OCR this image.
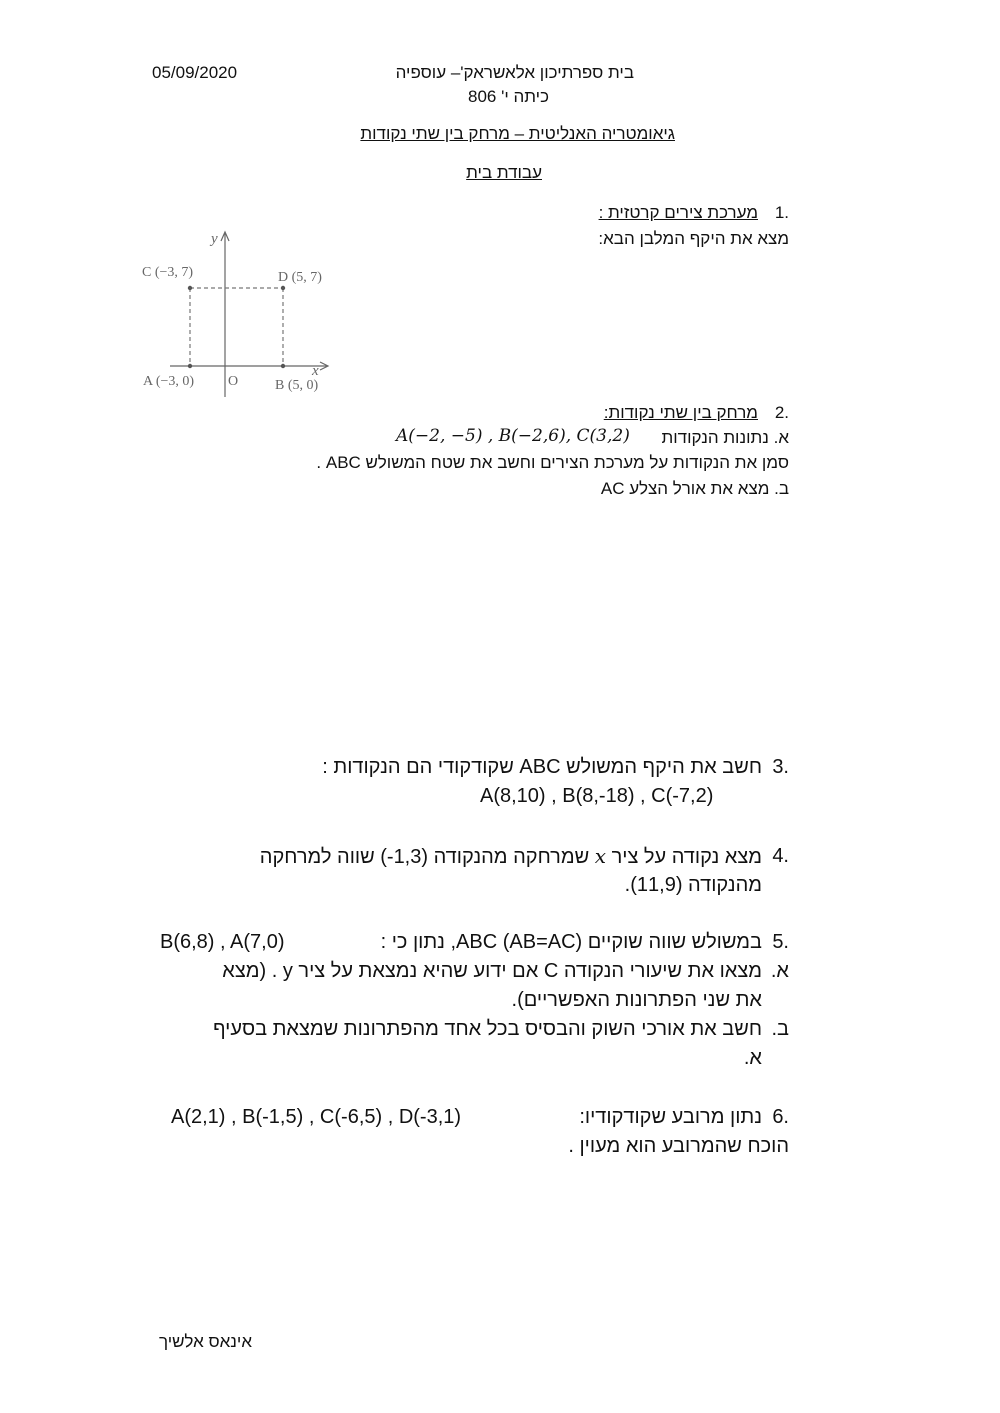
05/09/2020	בית ספרתיכון אלאשראק'– עוספיה
כיתה י' 806
גיאומטריה האנליטית – מרחק בין שתי נקודות
עבודת בית
1.
מערכת צירים קרטזית :
מצא את היקף המלבן הבא:
y
x
O
C (−3, 7)	D (5, 7)
A (−3, 0)	B (5, 0)
2.
מרחק בין שתי נקודות:
א. נתונות הנקודות
A(−2, −5) , B(−2,6), C(3,2)
סמן את הנקודות על מערכת הצירים וחשב את שטח המשולש ABC .
ב. מצא את אורל הצלע AC
3.
חשב את היקף המשולש ABC שקודקודי הם הנקודות :
A(8,10) , B(8,-18) , C(-7,2)
4.
מצא נקודה על ציר x שמרחקה מהנקודה (1,3-) שווה למרחקה
מהנקודה (11,9).
5.
במשולש שווה שוקיים ABC (AB=AC), נתון כי :
B(6,8) , A(7,0)
א.
מצאו את שיעורי הנקודה C אם ידוע שהיא נמצאת על ציר y . (מצא
את שני הפתרונות האפשריים).
ב.
חשב את אורכי השוק והבסיס בכל אחד מהפתרונות שמצאת בסעיף
א.
6.
נתון מרובע שקודקודיו:
A(2,1) , B(-1,5) , C(-6,5) , D(-3,1)
הוכח שהמרובע הוא מעוין .
אינאס אלשיך
